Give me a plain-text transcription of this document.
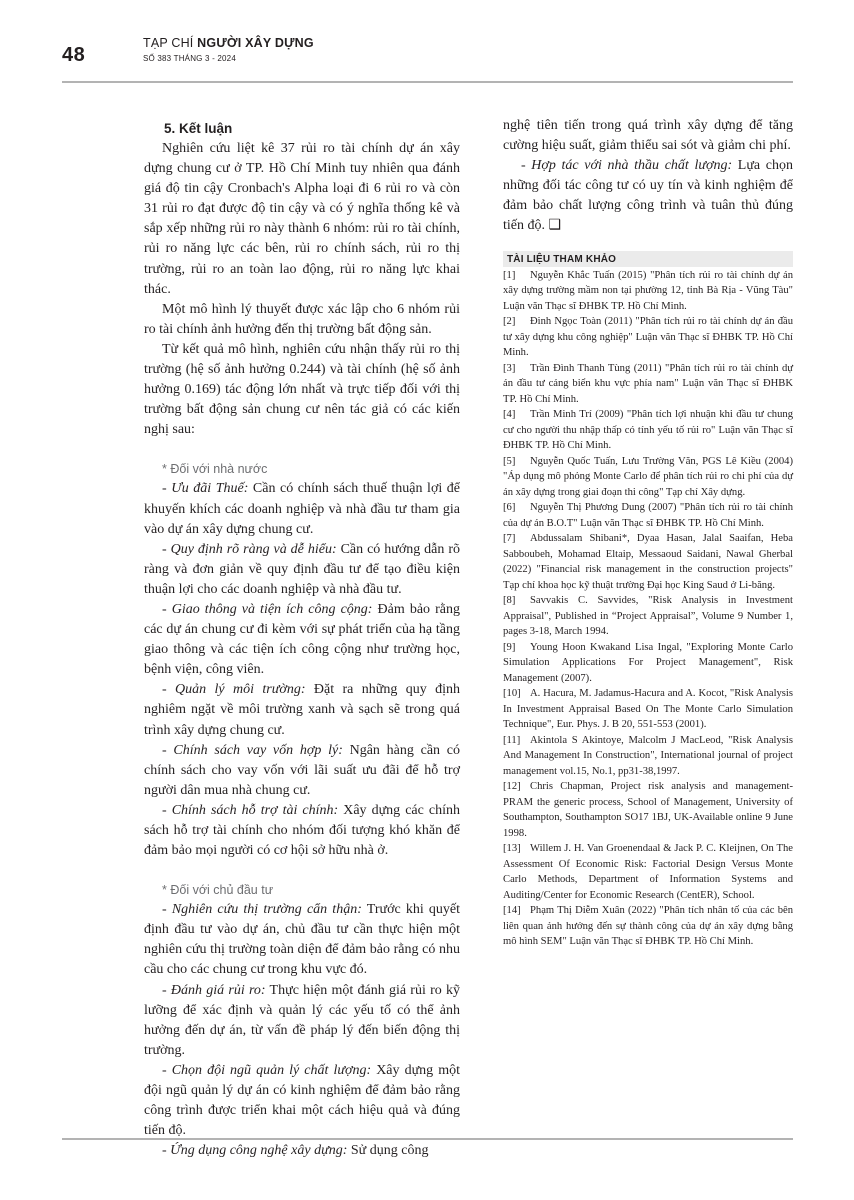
48
TẠP CHÍ NGƯỜI XÂY DỰNG
SỐ 383 THÁNG 3 - 2024
5. Kết luận

Nghiên cứu liệt kê 37 rủi ro tài chính dự án xây dựng chung cư ở TP. Hồ Chí Minh tuy nhiên qua đánh giá độ tin cậy Cronbach's Alpha loại đi 6 rủi ro và còn 31 rủi ro đạt được độ tin cậy và có ý nghĩa thống kê và sắp xếp những rủi ro này thành 6 nhóm: rủi ro tài chính, rủi ro năng lực các bên, rủi ro chính sách, rủi ro thị trường, rủi ro an toàn lao động, rủi ro năng lực khai thác.

Một mô hình lý thuyết được xác lập cho 6 nhóm rủi ro tài chính ảnh hưởng đến thị trường bất động sản.

Từ kết quả mô hình, nghiên cứu nhận thấy rủi ro thị trường (hệ số ảnh hưởng 0.244) và tài chính (hệ số ảnh hưởng 0.169) tác động lớn nhất và trực tiếp đối với thị trường bất động sản chung cư nên tác giả có các kiến nghị sau:

* Đối với nhà nước

- Ưu đãi Thuế: Cần có chính sách thuế thuận lợi để khuyến khích các doanh nghiệp và nhà đầu tư tham gia vào dự án xây dựng chung cư.

- Quy định rõ ràng và dễ hiểu: Cần có hướng dẫn rõ ràng và đơn giản về quy định đầu tư để tạo điều kiện thuận lợi cho các doanh nghiệp và nhà đầu tư.

- Giao thông và tiện ích công cộng: Đảm bảo rằng các dự án chung cư đi kèm với sự phát triển của hạ tầng giao thông và các tiện ích công cộng như trường học, bệnh viện, công viên.

- Quản lý môi trường: Đặt ra những quy định nghiêm ngặt về môi trường xanh và sạch sẽ trong quá trình xây dựng chung cư.

- Chính sách vay vốn hợp lý: Ngân hàng cần có chính sách cho vay vốn với lãi suất ưu đãi để hỗ trợ người dân mua nhà chung cư.

- Chính sách hỗ trợ tài chính: Xây dựng các chính sách hỗ trợ tài chính cho nhóm đối tượng khó khăn để đảm bảo mọi người có cơ hội sở hữu nhà ở.

* Đối với chủ đầu tư

- Nghiên cứu thị trường cẩn thận: Trước khi quyết định đầu tư vào dự án, chủ đầu tư cần thực hiện một nghiên cứu thị trường toàn diện để đảm bảo rằng có nhu cầu cho các chung cư trong khu vực đó.

- Đánh giá rủi ro: Thực hiện một đánh giá rủi ro kỹ lưỡng để xác định và quản lý các yếu tố có thể ảnh hưởng đến dự án, từ vấn đề pháp lý đến biến động thị trường.

- Chọn đội ngũ quản lý chất lượng: Xây dựng một đội ngũ quản lý dự án có kinh nghiệm để đảm bảo rằng công trình được triển khai một cách hiệu quả và đúng tiến độ.

- Ứng dụng công nghệ xây dựng: Sử dụng công

nghệ tiên tiến trong quá trình xây dựng để tăng cường hiệu suất, giảm thiểu sai sót và giảm chi phí.

- Hợp tác với nhà thầu chất lượng: Lựa chọn những đối tác công tư có uy tín và kinh nghiệm để đảm bảo chất lượng công trình và tuân thủ đúng tiến độ. ❑

TÀI LIỆU THAM KHẢO
[1] Nguyễn Khắc Tuấn (2015) "Phân tích rủi ro tài chính dự án xây dựng trường mầm non tại phường 12, tỉnh Bà Rịa - Vũng Tàu" Luận văn Thạc sĩ ĐHBK TP. Hồ Chí Minh.
[2] Đinh Ngọc Toàn (2011) "Phân tích rủi ro tài chính dự án đầu tư xây dựng khu công nghiệp" Luận văn Thạc sĩ ĐHBK TP. Hồ Chí Minh.
[3] Trần Đình Thanh Tùng (2011) "Phân tích rủi ro tài chính dự án đầu tư cảng biển khu vực phía nam" Luận văn Thạc sĩ ĐHBK TP. Hồ Chí Minh.
[4] Trần Minh Trí (2009) "Phân tích lợi nhuận khi đầu tư chung cư cho người thu nhập thấp có tính yếu tố rủi ro" Luận văn Thạc sĩ ĐHBK TP. Hồ Chí Minh.
[5] Nguyễn Quốc Tuấn, Lưu Trường Văn, PGS Lê Kiều (2004) "Áp dụng mô phỏng Monte Carlo để phân tích rủi ro chi phí của dự án xây dựng trong giai đoạn thi công" Tạp chí Xây dựng.
[6] Nguyễn Thị Phương Dung (2007) "Phân tích rủi ro tài chính của dự án B.O.T" Luận văn Thạc sĩ ĐHBK TP. Hồ Chí Minh.
[7] Abdussalam Shibani*, Dyaa Hasan, Jalal Saaifan, Heba Sabboubeh, Mohamad Eltaip, Messaoud Saidani, Nawal Gherbal (2022) "Financial risk management in the construction projects" Tạp chí khoa học kỹ thuật trường Đại học King Saud ở Li-băng.
[8] Savvakis C. Savvides, "Risk Analysis in Investment Appraisal", Published in “Project Appraisal”, Volume 9 Number 1, pages 3-18, March 1994.
[9] Young Hoon Kwakand Lisa Ingal, "Exploring Monte Carlo Simulation Applications For Project Management", Risk Management (2007).
[10] A. Hacura, M. Jadamus-Hacura and A. Kocot, "Risk Analysis In Investment Appraisal Based On The Monte Carlo Simulation Technique", Eur. Phys. J. B 20, 551-553 (2001).
[11] Akintola S Akintoye, Malcolm J MacLeod, "Risk Analysis And Management In Construction", International journal of project management vol.15, No.1, pp31-38,1997.
[12] Chris Chapman, Project risk analysis and management-PRAM the generic process, School of Management, University of Southampton, Southampton SO17 1BJ, UK-Available online 9 June 1998.
[13] Willem J. H. Van Groenendaal & Jack P. C. Kleijnen, On The Assessment Of Economic Risk: Factorial Design Versus Monte Carlo Methods, Department of Information Systems and Auditing/Center for Economic Research (CentER), School.
[14] Phạm Thị Diễm Xuân (2022) "Phân tích nhân tố của các bên liên quan ảnh hưởng đến sự thành công của dự án xây dựng bằng mô hình SEM" Luận văn Thạc sĩ ĐHBK TP. Hồ Chí Minh.
